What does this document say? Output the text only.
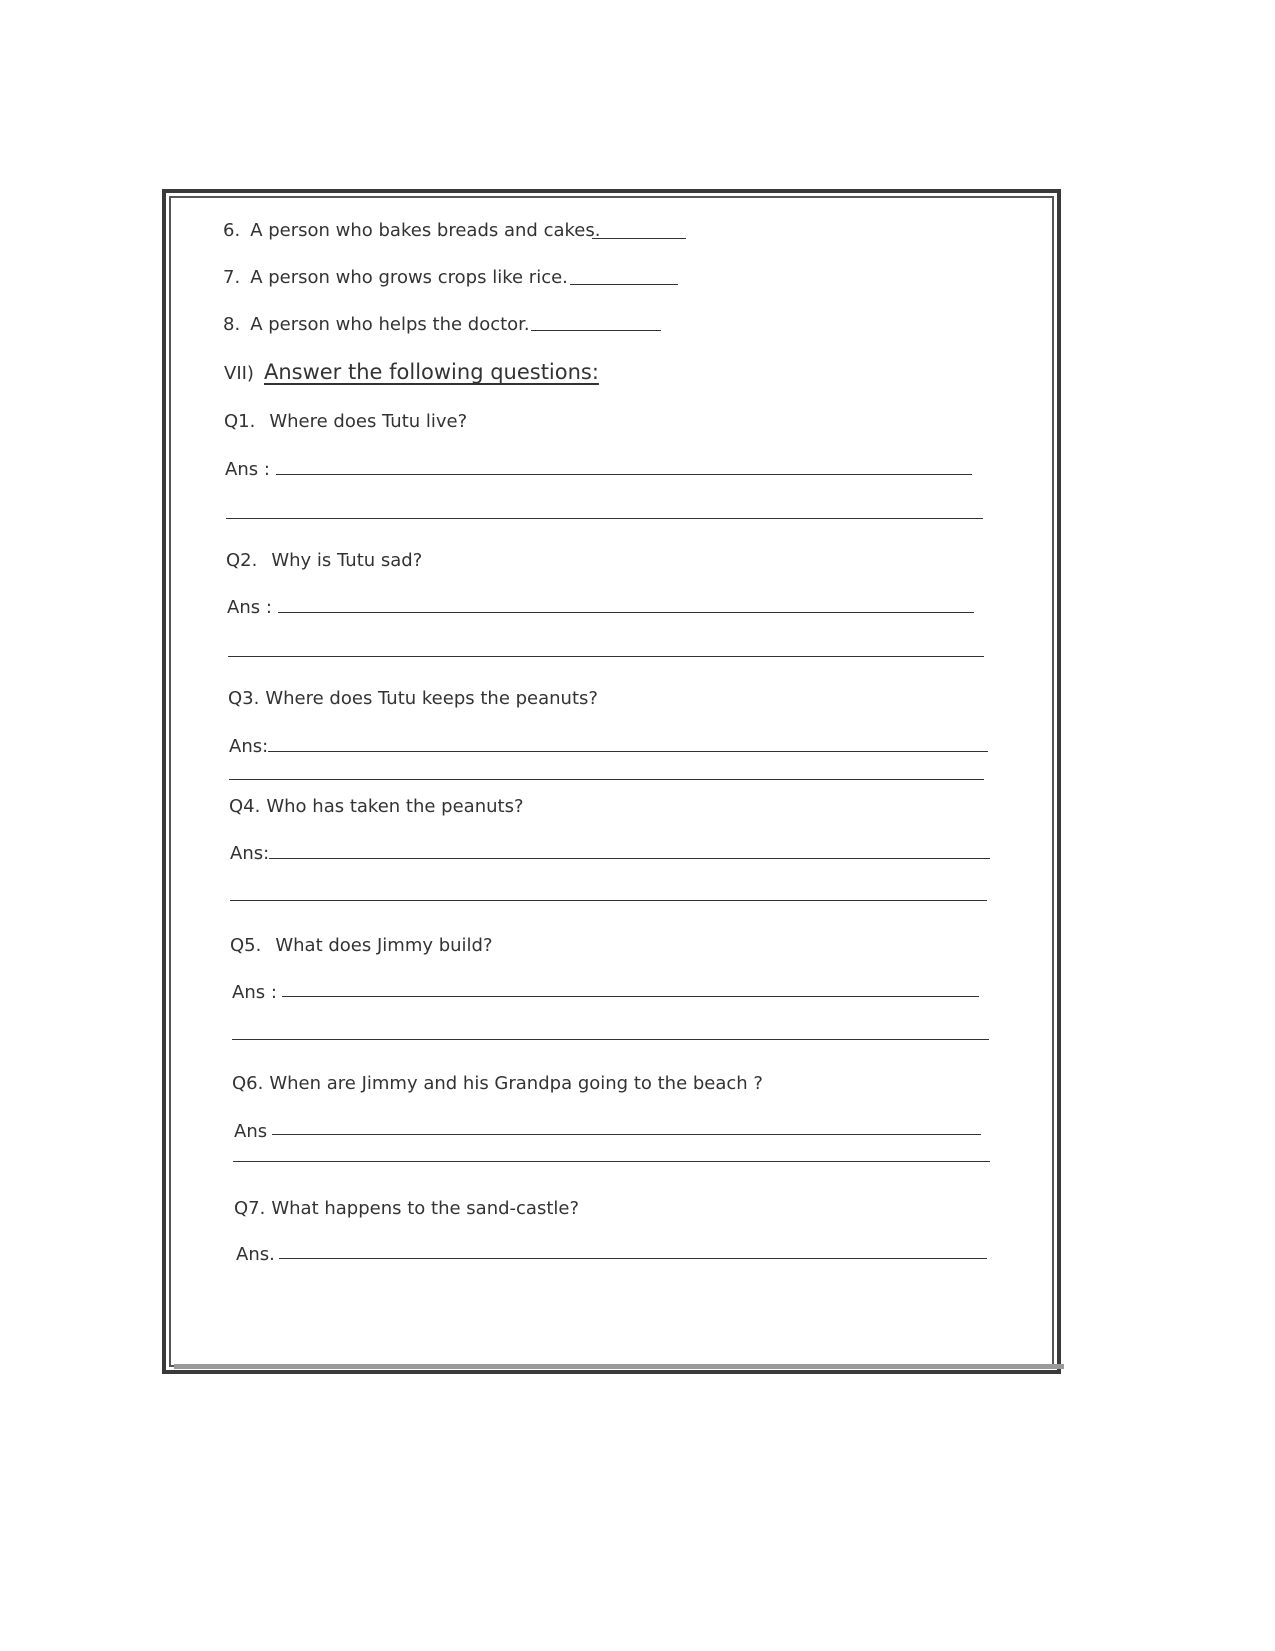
6. A person who bakes breads and cakes.
7. A person who grows crops like rice.
8. A person who helps the doctor.
VII) Answer the following questions:
Q1. Where does Tutu live?
Ans :
Q2. Why is Tutu sad?
Ans :
Q3. Where does Tutu keeps the peanuts?
Ans:
Q4. Who has taken the peanuts?
Ans:
Q5. What does Jimmy build?
Ans :
Q6. When are Jimmy and his Grandpa going to the beach ?
Ans
Q7. What happens to the sand-castle?
Ans.
